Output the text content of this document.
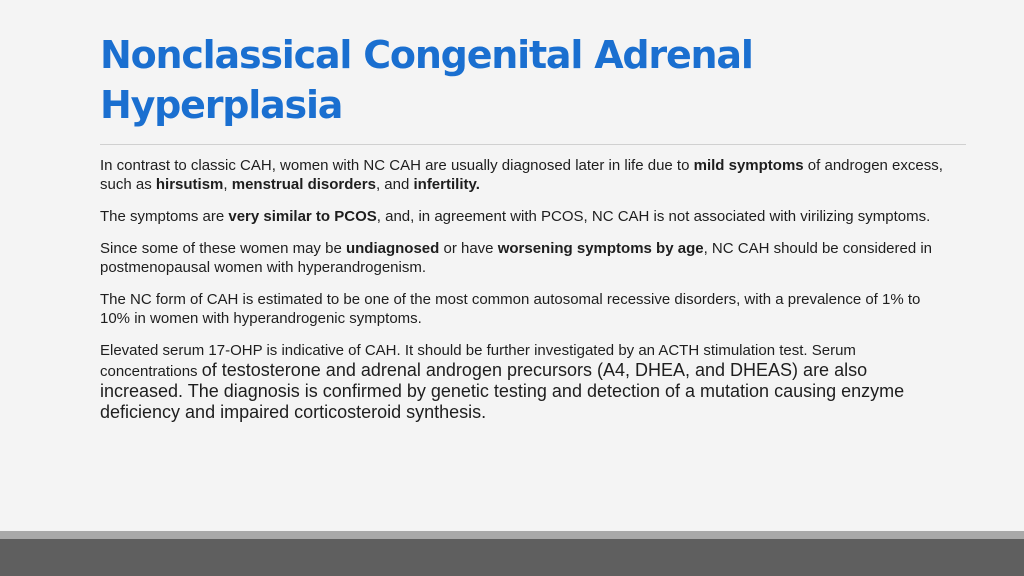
Nonclassical Congenital Adrenal Hyperplasia

In contrast to classic CAH, women with NC CAH are usually diagnosed later in life due to mild symptoms of androgen excess, such as hirsutism, menstrual disorders, and infertility.

The symptoms are very similar to PCOS, and, in agreement with PCOS, NC CAH is not associated with virilizing symptoms.

Since some of these women may be undiagnosed or have worsening symptoms by age, NC CAH should be considered in postmenopausal women with hyperandrogenism.

The NC form of CAH is estimated to be one of the most common autosomal recessive disorders, with a prevalence of 1% to 10% in women with hyperandrogenic symptoms.

Elevated serum 17-OHP is indicative of CAH. It should be further investigated by an ACTH stimulation test. Serum concentrations of testosterone and adrenal androgen precursors (A4, DHEA, and DHEAS) are also increased. The diagnosis is confirmed by genetic testing and detection of a mutation causing enzyme deficiency and impaired corticosteroid synthesis.
